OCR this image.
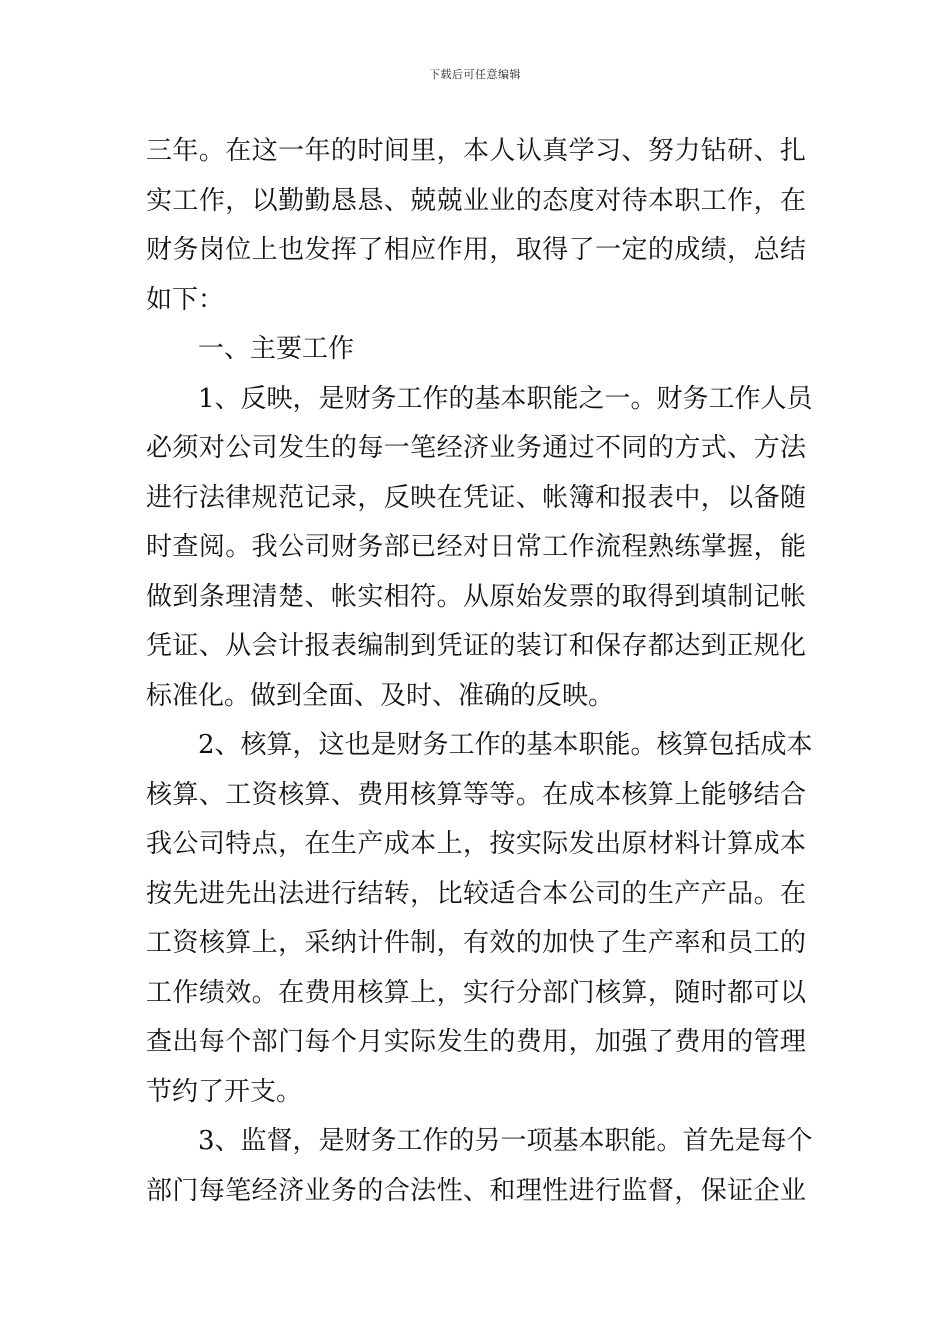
下载后可任意编辑
三年。在这一年的时间里，本人认真学习、努力钻研、扎
实工作，以勤勤恳恳、兢兢业业的态度对待本职工作，在
财务岗位上也发挥了相应作用，取得了一定的成绩，总结
如下：
一、主要工作
1、反映，是财务工作的基本职能之一。财务工作人员
必须对公司发生的每一笔经济业务通过不同的方式、方法
进行法律规范记录，反映在凭证、帐簿和报表中，以备随
时查阅。我公司财务部已经对日常工作流程熟练掌握，能
做到条理清楚、帐实相符。从原始发票的取得到填制记帐
凭证、从会计报表编制到凭证的装订和保存都达到正规化
标准化。做到全面、及时、准确的反映。
2、核算，这也是财务工作的基本职能。核算包括成本
核算、工资核算、费用核算等等。在成本核算上能够结合
我公司特点，在生产成本上，按实际发出原材料计算成本
按先进先出法进行结转，比较适合本公司的生产产品。在
工资核算上，采纳计件制，有效的加快了生产率和员工的
工作绩效。在费用核算上，实行分部门核算，随时都可以
查出每个部门每个月实际发生的费用，加强了费用的管理
节约了开支。
3、监督，是财务工作的另一项基本职能。首先是每个
部门每笔经济业务的合法性、和理性进行监督，保证企业
